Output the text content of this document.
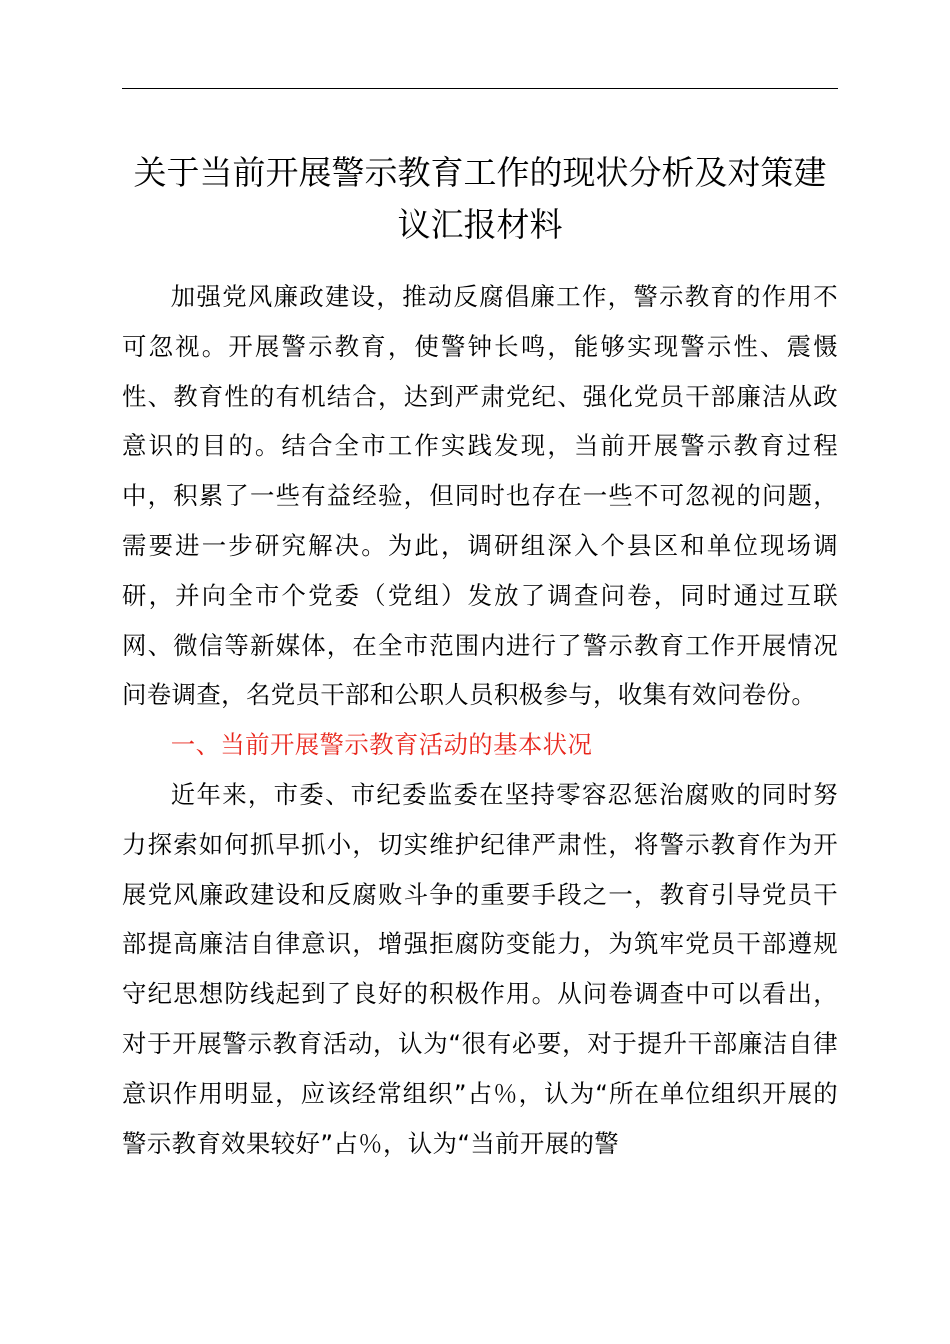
关于当前开展警示教育工作的现状分析及对策建议汇报材料

加强党风廉政建设，推动反腐倡廉工作，警示教育的作用不可忽视。开展警示教育，使警钟长鸣，能够实现警示性、震慑性、教育性的有机结合，达到严肃党纪、强化党员干部廉洁从政意识的目的。结合全市工作实践发现，当前开展警示教育过程中，积累了一些有益经验，但同时也存在一些不可忽视的问题，需要进一步研究解决。为此，调研组深入个县区和单位现场调研，并向全市个党委（党组）发放了调查问卷，同时通过互联网、微信等新媒体，在全市范围内进行了警示教育工作开展情况问卷调查，名党员干部和公职人员积极参与，收集有效问卷份。

一、当前开展警示教育活动的基本状况

近年来，市委、市纪委监委在坚持零容忍惩治腐败的同时努力探索如何抓早抓小，切实维护纪律严肃性，将警示教育作为开展党风廉政建设和反腐败斗争的重要手段之一，教育引导党员干部提高廉洁自律意识，增强拒腐防变能力，为筑牢党员干部遵规守纪思想防线起到了良好的积极作用。从问卷调查中可以看出，对于开展警示教育活动，认为“很有必要，对于提升干部廉洁自律意识作用明显，应该经常组织”占％，认为“所在单位组织开展的警示教育效果较好”占％，认为“当前开展的警
